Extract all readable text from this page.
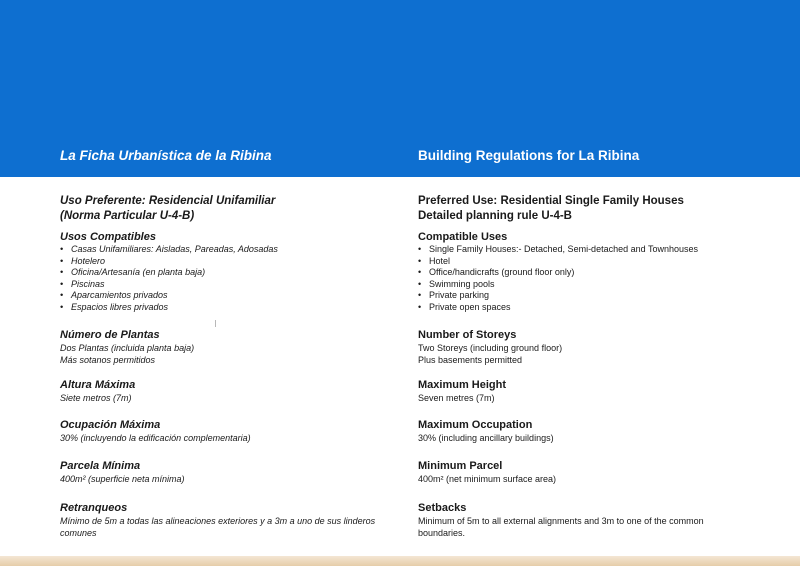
La Ficha Urbanística de la Ribina	Building Regulations for La Ribina
Uso Preferente: Residencial Unifamiliar
(Norma Particular U-4-B)
Usos Compatibles
• Casas Unifamiliares: Aisladas, Pareadas, Adosadas
• Hotelero
• Oficina/Artesanía (en planta baja)
• Piscinas
• Aparcamientos privados
• Espacios libres privados
Número de Plantas
Dos Plantas (incluida planta baja)
Más sotanos permitidos
Altura Máxima
Siete metros (7m)
Ocupación Máxima
30% (incluyendo la edificación complementaria)
Parcela Mínima
400m² (superficie neta mínima)
Retranqueos
Mínimo de 5m a todas las alineaciones exteriores y a 3m a uno de sus linderos
comunes
Preferred Use: Residential Single Family Houses
Detailed planning rule U-4-B
Compatible Uses
• Single Family Houses:- Detached, Semi-detached and Townhouses
• Hotel
• Office/handicrafts (ground floor only)
• Swimming pools
• Private parking
• Private open spaces
Number of Storeys
Two Storeys (including ground floor)
Plus basements permitted
Maximum Height
Seven metres (7m)
Maximum Occupation
30% (including ancillary buildings)
Minimum Parcel
400m² (net minimum surface area)
Setbacks
Minimum of 5m to all external alignments and 3m to one of the common
boundaries.
